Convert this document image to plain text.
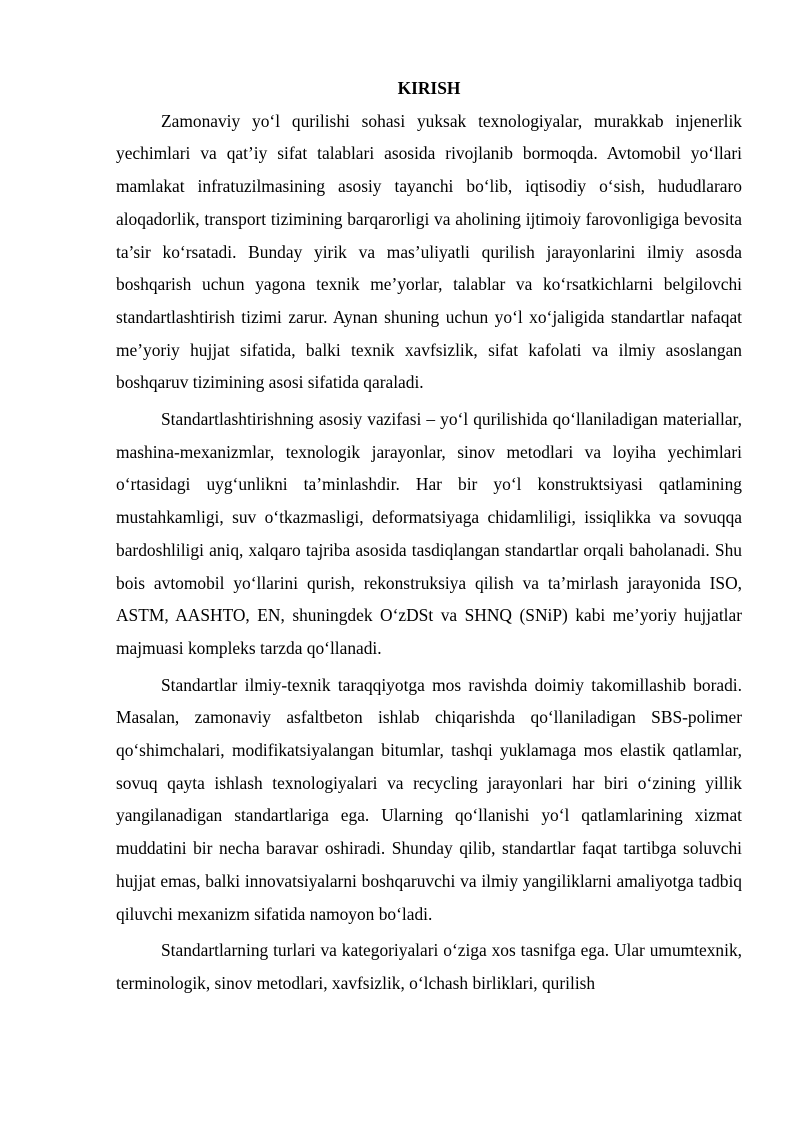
KIRISH

Zamonaviy yo‘l qurilishi sohasi yuksak texnologiyalar, murakkab injenerlik yechimlari va qat’iy sifat talablari asosida rivojlanib bormoqda. Avtomobil yo‘llari mamlakat infratuzilmasining asosiy tayanchi bo‘lib, iqtisodiy o‘sish, hududlararo aloqadorlik, transport tizimining barqarorligi va aholining ijtimoiy farovonligiga bevosita ta’sir ko‘rsatadi. Bunday yirik va mas’uliyatli qurilish jarayonlarini ilmiy asosda boshqarish uchun yagona texnik me’yorlar, talablar va ko‘rsatkichlarni belgilovchi standartlashtirish tizimi zarur. Aynan shuning uchun yo‘l xo‘jaligida standartlar nafaqat me’yoriy hujjat sifatida, balki texnik xavfsizlik, sifat kafolati va ilmiy asoslangan boshqaruv tizimining asosi sifatida qaraladi.

Standartlashtirishning asosiy vazifasi – yo‘l qurilishida qo‘llaniladigan materiallar, mashina-mexanizmlar, texnologik jarayonlar, sinov metodlari va loyiha yechimlari o‘rtasidagi uyg‘unlikni ta’minlashdir. Har bir yo‘l konstruktsiyasi qatlamining mustahkamligi, suv o‘tkazmasligi, deformatsiyaga chidamliligi, issiqlikka va sovuqqa bardoshliligi aniq, xalqaro tajriba asosida tasdiqlangan standartlar orqali baholanadi. Shu bois avtomobil yo‘llarini qurish, rekonstruksiya qilish va ta’mirlash jarayonida ISO, ASTM, AASHTO, EN, shuningdek O‘zDSt va SHNQ (SNiP) kabi me’yoriy hujjatlar majmuasi kompleks tarzda qo‘llanadi.

Standartlar ilmiy-texnik taraqqiyotga mos ravishda doimiy takomillashib boradi. Masalan, zamonaviy asfaltbeton ishlab chiqarishda qo‘llaniladigan SBS-polimer qo‘shimchalari, modifikatsiyalangan bitumlar, tashqi yuklamaga mos elastik qatlamlar, sovuq qayta ishlash texnologiyalari va recycling jarayonlari har biri o‘zining yillik yangilanadigan standartlariga ega. Ularning qo‘llanishi yo‘l qatlamlarining xizmat muddatini bir necha baravar oshiradi. Shunday qilib, standartlar faqat tartibga soluvchi hujjat emas, balki innovatsiyalarni boshqaruvchi va ilmiy yangiliklarni amaliyotga tadbiq qiluvchi mexanizm sifatida namoyon bo‘ladi.

Standartlarning turlari va kategoriyalari o‘ziga xos tasnifga ega. Ular umumtexnik, terminologik, sinov metodlari, xavfsizlik, o‘lchash birliklari, qurilish
